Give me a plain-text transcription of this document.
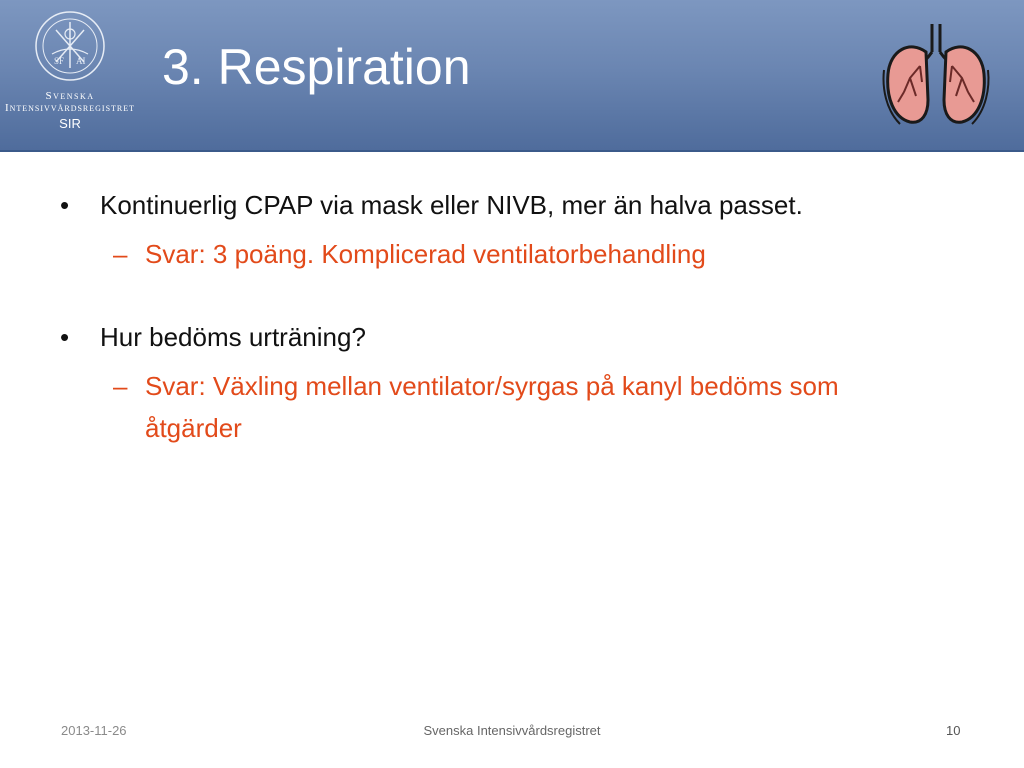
SF AI
Svenska
Intensivvårdsregistret
SIR
3. Respiration
• Kontinuerlig CPAP via mask eller NIVB, mer än halva passet.
– Svar: 3 poäng. Komplicerad ventilatorbehandling
• Hur bedöms urträning?
– Svar: Växling mellan ventilator/syrgas på kanyl bedöms som åtgärder
2013-11-26	Svenska Intensivvårdsregistret	10
